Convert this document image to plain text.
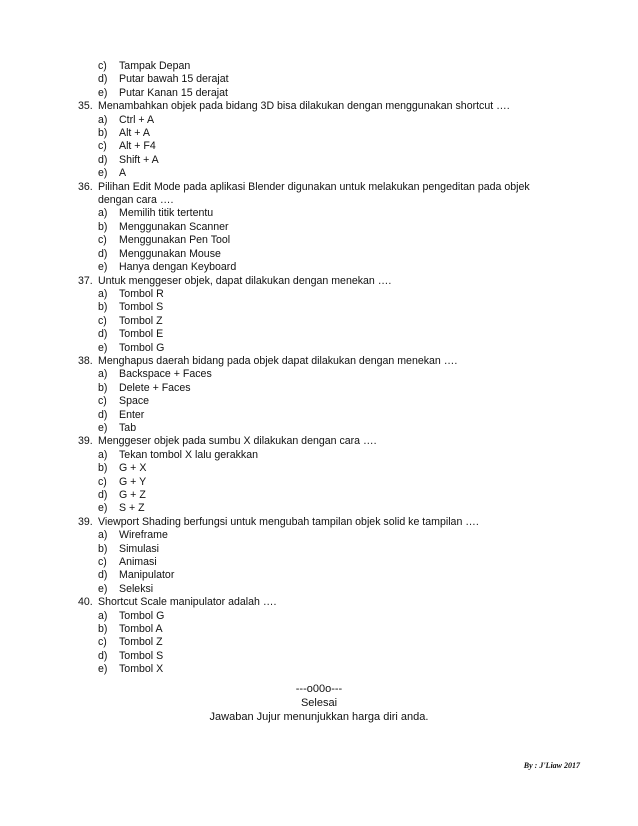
c) Tampak Depan
d) Putar bawah 15 derajat
e) Putar Kanan 15 derajat
35. Menambahkan objek pada bidang 3D bisa dilakukan dengan menggunakan shortcut ….
a) Ctrl + A
b) Alt + A
c) Alt + F4
d) Shift + A
e) A
36. Pilihan Edit Mode pada aplikasi Blender digunakan untuk melakukan pengeditan pada objek
dengan cara ….
a) Memilih titik tertentu
b) Menggunakan Scanner
c) Menggunakan Pen Tool
d) Menggunakan Mouse
e) Hanya dengan Keyboard
37. Untuk menggeser objek, dapat dilakukan dengan menekan ….
a) Tombol R
b) Tombol S
c) Tombol Z
d) Tombol E
e) Tombol G
38. Menghapus daerah bidang pada objek dapat dilakukan dengan menekan ….
a) Backspace + Faces
b) Delete + Faces
c) Space
d) Enter
e) Tab
39. Menggeser objek pada sumbu X dilakukan dengan cara ….
a) Tekan tombol X lalu gerakkan
b) G + X
c) G + Y
d) G + Z
e) S + Z
39. Viewport Shading berfungsi untuk mengubah tampilan objek solid ke tampilan ….
a) Wireframe
b) Simulasi
c) Animasi
d) Manipulator
e) Seleksi
40. Shortcut Scale manipulator adalah ….
a) Tombol G
b) Tombol A
c) Tombol Z
d) Tombol S
e) Tombol X
---o00o---
Selesai
Jawaban Jujur menunjukkan harga diri anda.
By : J'Liaw 2017
